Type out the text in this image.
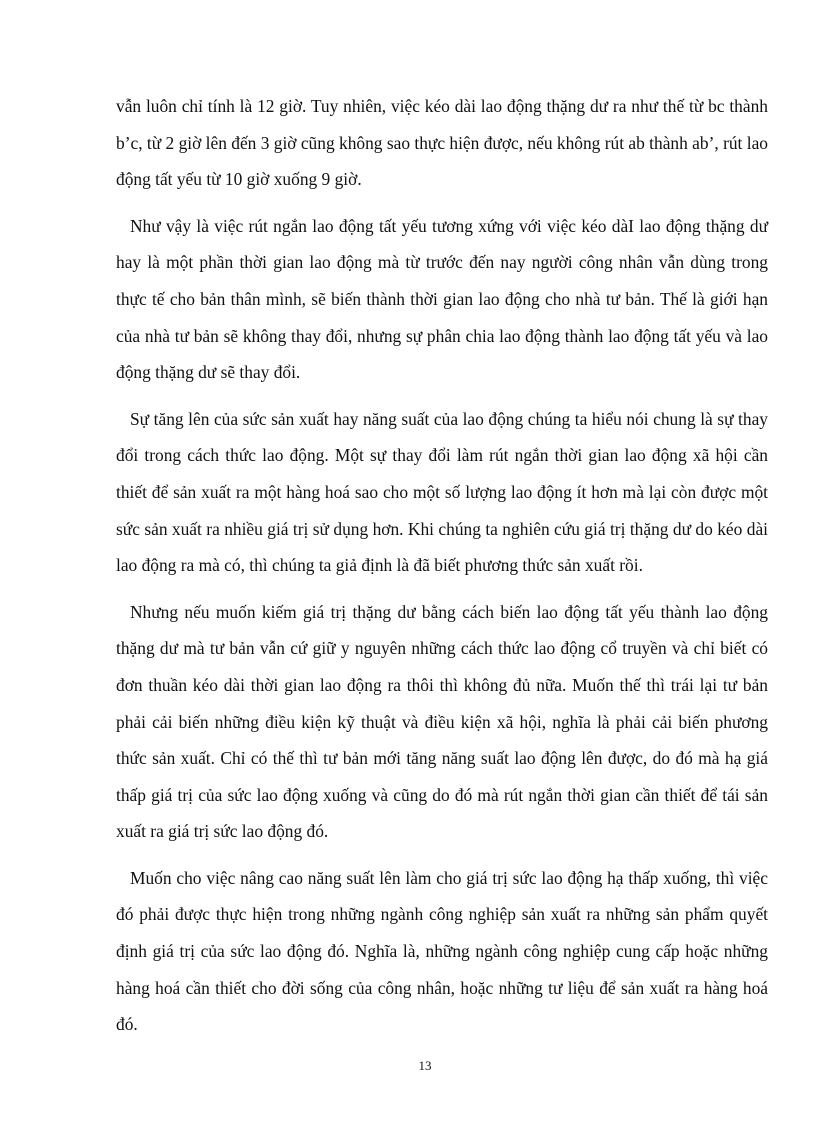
vẫn luôn chỉ tính là 12 giờ. Tuy nhiên, việc kéo dài lao động thặng dư ra như thế từ bc thành b’c, từ 2 giờ lên đến 3 giờ cũng không sao thực hiện được, nếu không rút ab thành ab’, rút lao động tất yếu từ 10 giờ xuống 9 giờ.

Như vậy là việc rút ngắn lao động tất yếu tương xứng với việc kéo dàI lao động thặng dư hay là một phần thời gian lao động mà từ trước đến nay người công nhân vẫn dùng trong thực tế cho bản thân mình, sẽ biến thành thời gian lao động cho nhà tư bản. Thế là giới hạn của nhà tư bản sẽ không thay đổi, nhưng sự phân chia lao động thành lao động tất yếu và lao động thặng dư sẽ thay đổi.

Sự tăng lên của sức sản xuất hay năng suất của lao động chúng ta hiểu nói chung là sự thay đổi trong cách thức lao động. Một sự thay đổi làm rút ngắn thời gian lao động xã hội cần thiết để sản xuất ra một hàng hoá sao cho một số lượng lao động ít hơn mà lại còn được một sức sản xuất ra nhiều giá trị sử dụng hơn. Khi chúng ta nghiên cứu giá trị thặng dư do kéo dài lao động ra mà có, thì chúng ta giả định là đã biết phương thức sản xuất rồi.

Nhưng nếu muốn kiếm giá trị thặng dư bằng cách biến lao động tất yếu thành lao động thặng dư mà tư bản vẫn cứ giữ y nguyên những cách thức lao động cổ truyền và chỉ biết có đơn thuần kéo dài thời gian lao động ra thôi thì không đủ nữa. Muốn thế thì trái lại tư bản phải cải biến những điều kiện kỹ thuật và điều kiện xã hội, nghĩa là phải cải biến phương thức sản xuất. Chỉ có thế thì tư bản mới tăng năng suất lao động lên được, do đó mà hạ giá thấp giá trị của sức lao động xuống và cũng do đó mà rút ngắn thời gian cần thiết để tái sản xuất ra giá trị sức lao động đó.

Muốn cho việc nâng cao năng suất lên làm cho giá trị sức lao động hạ thấp xuống, thì việc đó phải được thực hiện trong những ngành công nghiệp sản xuất ra những sản phẩm quyết định giá trị của sức lao động đó. Nghĩa là, những ngành công nghiệp cung cấp hoặc những hàng hoá cần thiết cho đời sống của công nhân, hoặc những tư liệu để sản xuất ra hàng hoá đó.

13
